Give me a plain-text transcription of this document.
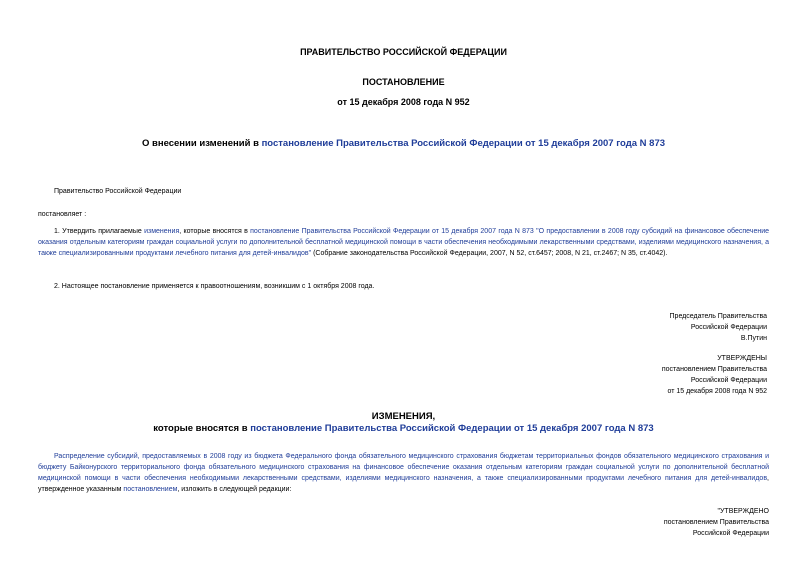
ПРАВИТЕЛЬСТВО РОССИЙСКОЙ ФЕДЕРАЦИИ
ПОСТАНОВЛЕНИЕ
от 15 декабря 2008 года N 952
О внесении изменений в постановление Правительства Российской Федерации от 15 декабря 2007 года N 873
Правительство Российской Федерации
постановляет :
1. Утвердить прилагаемые изменения, которые вносятся в постановление Правительства Российской Федерации от 15 декабря 2007 года N 873 "О предоставлении в 2008 году субсидий на финансовое обеспечение оказания отдельным категориям граждан социальной услуги по дополнительной бесплатной медицинской помощи в части обеспечения необходимыми лекарственными средствами, изделиями медицинского назначения, а также специализированными продуктами лечебного питания для детей-инвалидов" (Собрание законодательства Российской Федерации, 2007, N 52, ст.6457; 2008, N 21, ст.2467; N 35, ст.4042).
2. Настоящее постановление применяется к правоотношениям, возникшим с 1 октября 2008 года.
Председатель Правительства
Российской Федерации
В.Путин
УТВЕРЖДЕНЫ
постановлением Правительства
Российской Федерации
от 15 декабря 2008 года N 952
ИЗМЕНЕНИЯ,
которые вносятся в постановление Правительства Российской Федерации от 15 декабря 2007 года N 873
Распределение субсидий, предоставляемых в 2008 году из бюджета Федерального фонда обязательного медицинского страхования бюджетам территориальных фондов обязательного медицинского страхования и бюджету Байконурского территориального фонда обязательного медицинского страхования на финансовое обеспечение оказания отдельным категориям граждан социальной услуги по дополнительной бесплатной медицинской помощи в части обеспечения необходимыми лекарственными средствами, изделиями медицинского назначения, а также специализированными продуктами лечебного питания для детей-инвалидов, утвержденное указанным постановлением, изложить в следующей редакции:
"УТВЕРЖДЕНО
постановлением Правительства
Российской Федерации
